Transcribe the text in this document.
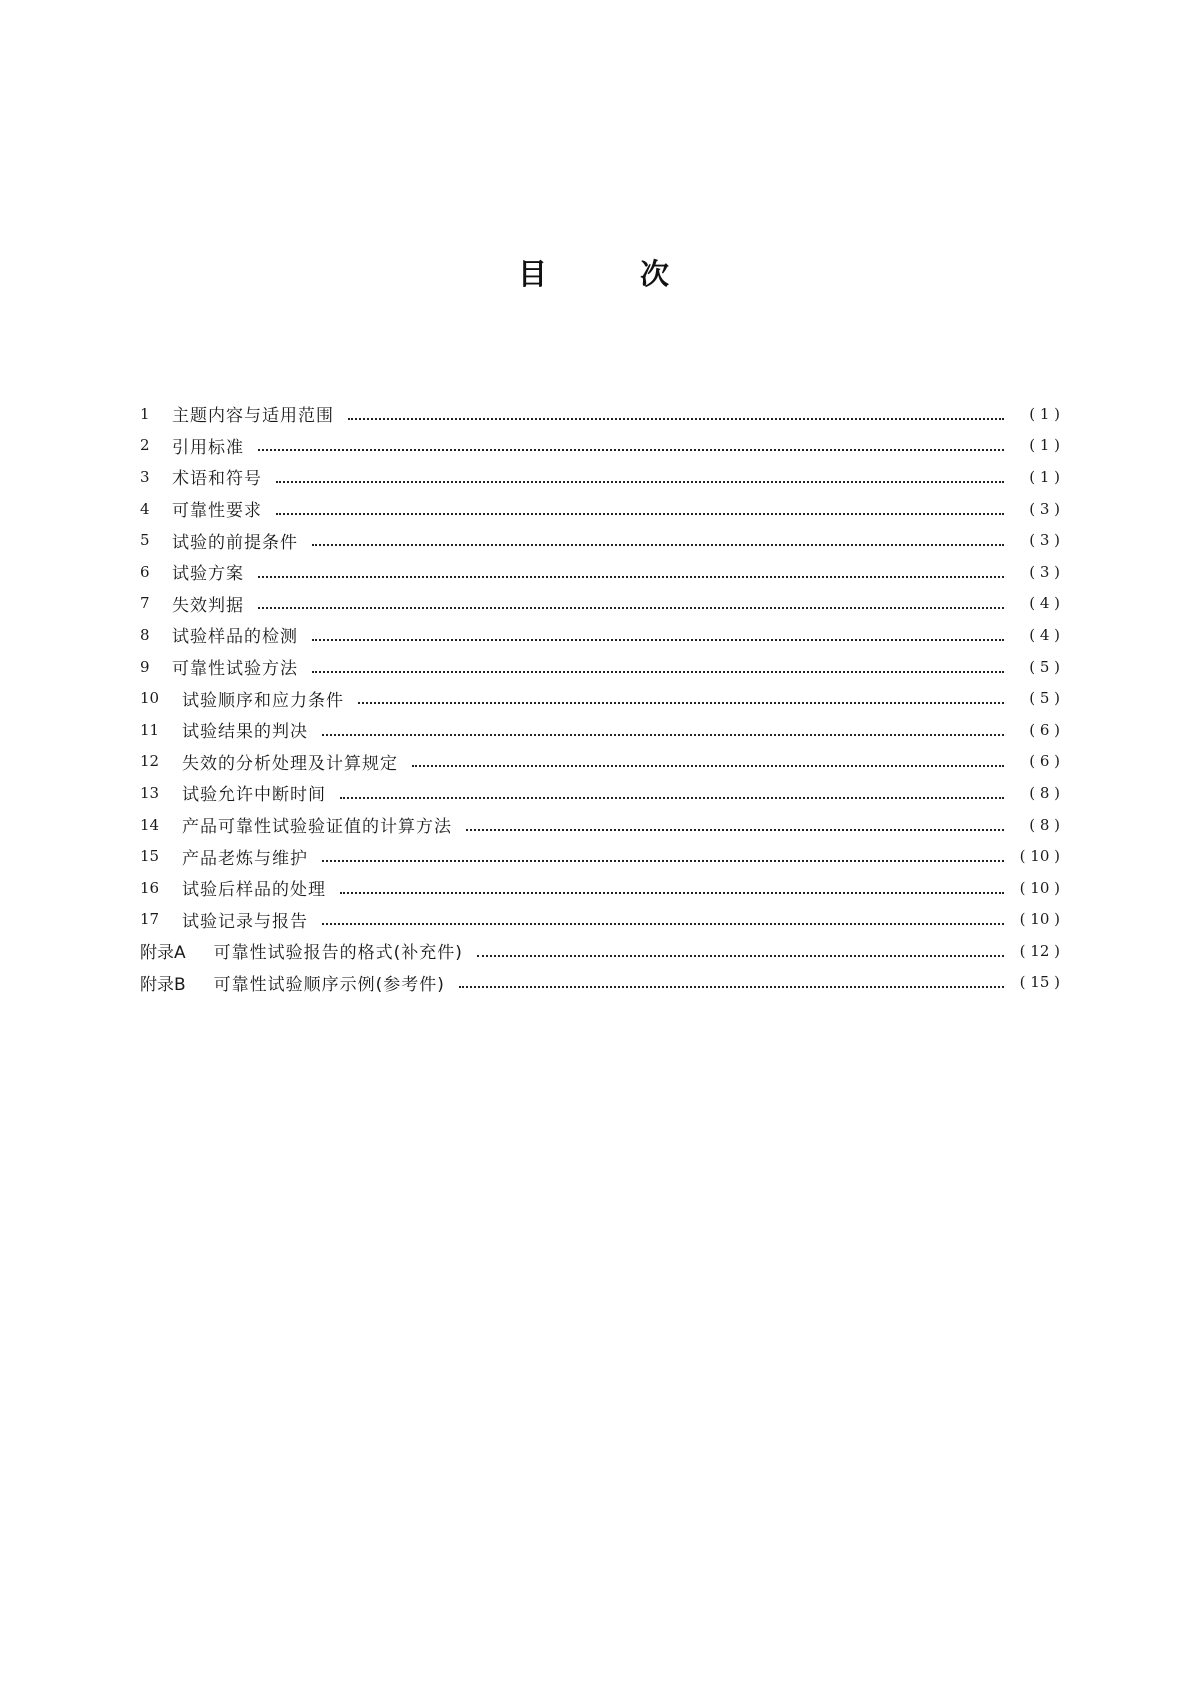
目	次
1	主题内容与适用范围	( 1 )
2	引用标准	( 1 )
3	术语和符号	( 1 )
4	可靠性要求	( 3 )
5	试验的前提条件	( 3 )
6	试验方案	( 3 )
7	失效判据	( 4 )
8	试验样品的检测	( 4 )
9	可靠性试验方法	( 5 )
10	试验顺序和应力条件	( 5 )
11	试验结果的判决	( 6 )
12	失效的分析处理及计算规定	( 6 )
13	试验允许中断时间	( 8 )
14	产品可靠性试验验证值的计算方法	( 8 )
15	产品老炼与维护	( 10 )
16	试验后样品的处理	( 10 )
17	试验记录与报告	( 10 )
附录A 可靠性试验报告的格式(补充件)	( 12 )
附录B 可靠性试验顺序示例(参考件)	( 15 )
